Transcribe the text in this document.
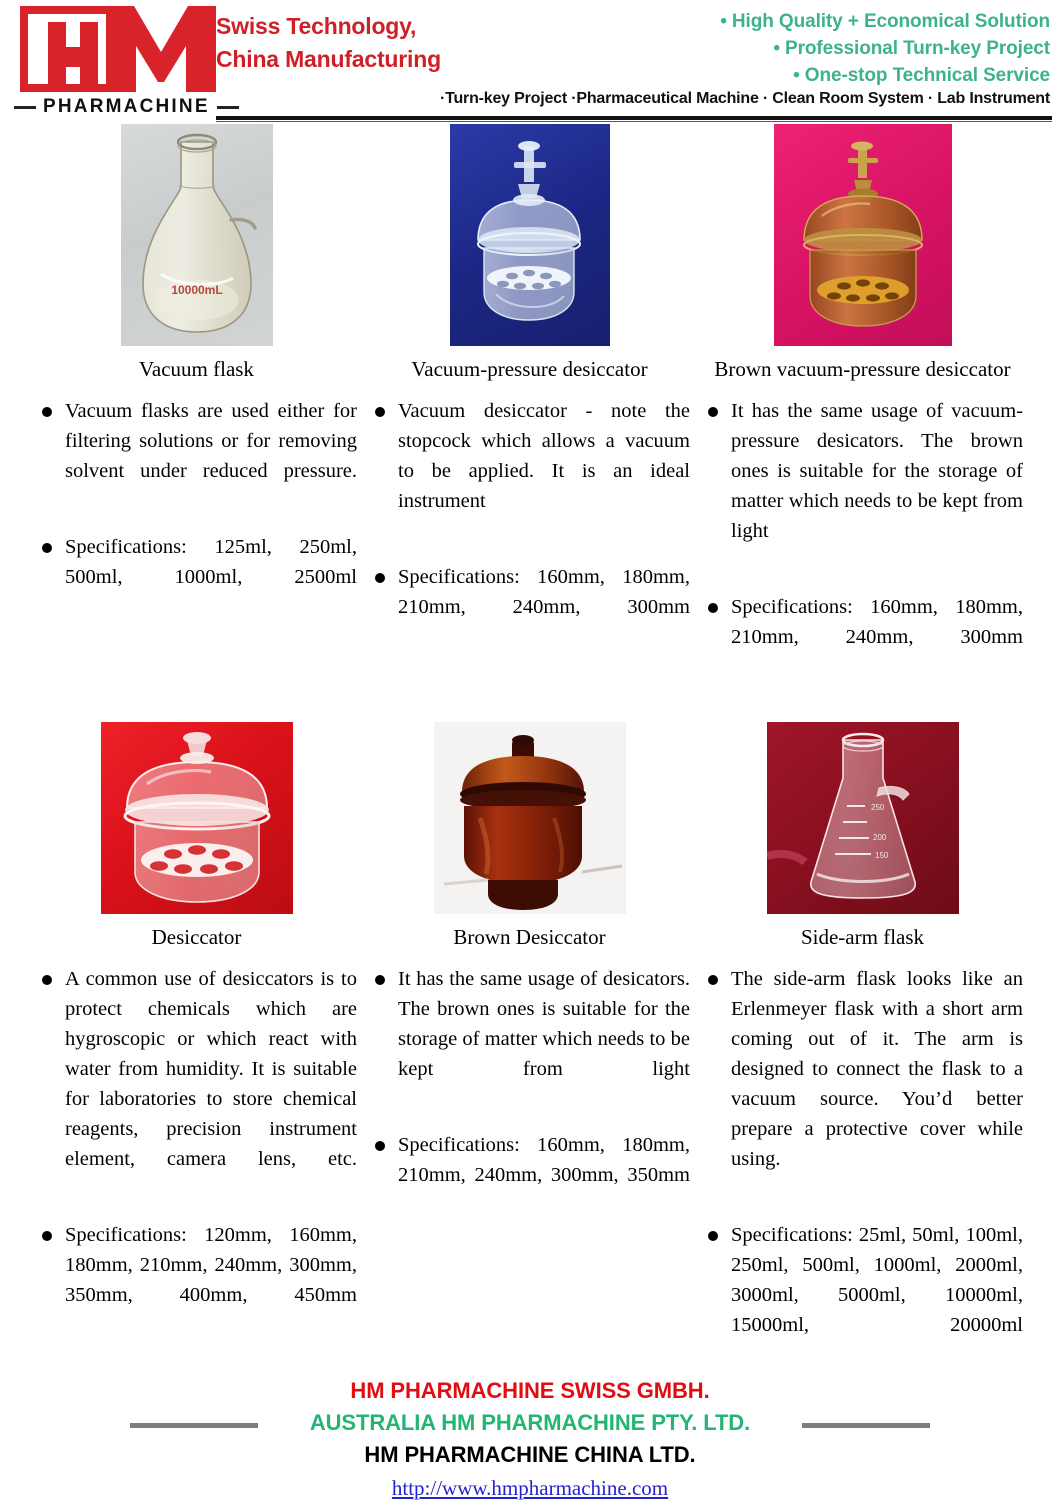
PHARMACHINE
Swiss Technology,
China Manufacturing
• High Quality + Economical Solution
• Professional Turn-key Project
• One-stop Technical Service
·Turn-key Project ·Pharmaceutical Machine · Clean Room System · Lab Instrument
10000mL
Vacuum flask
Vacuum flasks are used either for filtering solutions or for removing solvent under reduced pressure.
Specifications: 125ml, 250ml, 500ml, 1000ml, 2500ml
Vacuum-pressure desiccator
Vacuum desiccator - note the stopcock which allows a vacuum to be applied. It is an ideal instrument
Specifications: 160mm, 180mm, 210mm, 240mm, 300mm
Brown vacuum-pressure desiccator
It has the same usage of vacuum-pressure desicators. The brown ones is suitable for the storage of matter which needs to be kept from light
Specifications: 160mm, 180mm, 210mm, 240mm, 300mm
Desiccator
A common use of desiccators is to protect chemicals which are hygroscopic or which react with water from humidity. It is suitable for laboratories to store chemical reagents, precision instrument element, camera lens, etc.
Specifications: 120mm, 160mm, 180mm, 210mm, 240mm, 300mm, 350mm, 400mm, 450mm
Brown Desiccator
It has the same usage of desicators. The brown ones is suitable for the storage of matter which needs to be kept from light
Specifications: 160mm, 180mm, 210mm, 240mm, 300mm, 350mm
250
200
150
Side-arm flask
The side-arm flask looks like an Erlenmeyer flask with a short arm coming out of it. The arm is designed to connect the flask to a vacuum source. You’d better prepare a protective cover while using.
Specifications: 25ml, 50ml, 100ml, 250ml, 500ml, 1000ml, 2000ml, 3000ml, 5000ml, 10000ml, 15000ml, 20000ml
HM PHARMACHINE SWISS GMBH.
AUSTRALIA HM PHARMACHINE PTY. LTD.
HM PHARMACHINE CHINA LTD.
http://www.hmpharmachine.com
